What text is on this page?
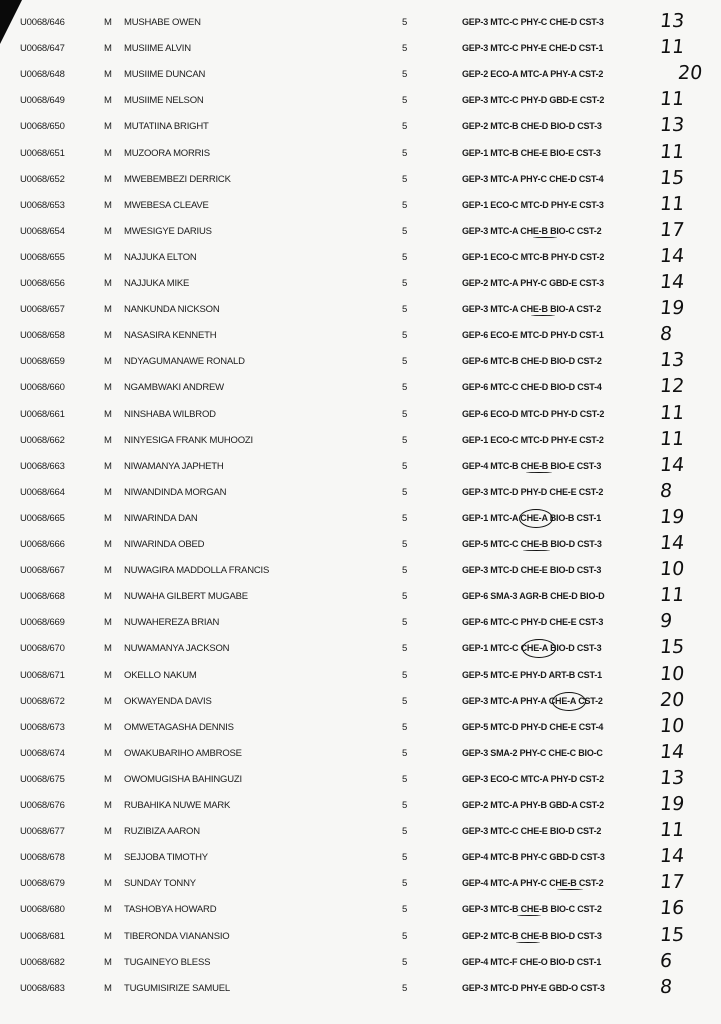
U0068/646	M MUSHABE OWEN	5	GEP-3 MTC-C PHY-C CHE-D CST-3	13
U0068/647	M MUSIIME ALVIN	5	GEP-3 MTC-C PHY-E CHE-D CST-1	11
U0068/648	M MUSIIME DUNCAN	5	GEP-2 ECO-A MTC-A PHY-A CST-2	20
U0068/649	M MUSIIME NELSON	5	GEP-3 MTC-C PHY-D GBD-E CST-2	11
U0068/650	M MUTATIINA BRIGHT	5	GEP-2 MTC-B CHE-D BIO-D CST-3	13
U0068/651	M MUZOORA MORRIS	5	GEP-1 MTC-B CHE-E BIO-E CST-3	11
U0068/652	M MWEBEMBEZI DERRICK	5	GEP-3 MTC-A PHY-C CHE-D CST-4	15
U0068/653	M MWEBESA CLEAVE	5	GEP-1 ECO-C MTC-D PHY-E CST-3	11
U0068/654	M MWESIGYE DARIUS	5	GEP-3 MTC-A CHE-B BIO-C CST-2	17
U0068/655	M NAJJUKA ELTON	5	GEP-1 ECO-C MTC-B PHY-D CST-2	14
U0068/656	M NAJJUKA MIKE	5	GEP-2 MTC-A PHY-C GBD-E CST-3	14
U0068/657	M NANKUNDA NICKSON	5	GEP-3 MTC-A CHE-B BIO-A CST-2	19
U0068/658	M NASASIRA KENNETH	5	GEP-6 ECO-E MTC-D PHY-D CST-1	8
U0068/659	M NDYAGUMANAWE RONALD	5	GEP-6 MTC-B CHE-D BIO-D CST-2	13
U0068/660	M NGAMBWAKI ANDREW	5	GEP-6 MTC-C CHE-D BIO-D CST-4	12
U0068/661	M NINSHABA WILBROD	5	GEP-6 ECO-D MTC-D PHY-D CST-2	11
U0068/662	M NINYESIGA FRANK MUHOOZI	5	GEP-1 ECO-C MTC-D PHY-E CST-2	11
U0068/663	M NIWAMANYA JAPHETH	5	GEP-4 MTC-B CHE-B BIO-E CST-3	14
U0068/664	M NIWANDINDA MORGAN	5	GEP-3 MTC-D PHY-D CHE-E CST-2	8
U0068/665	M NIWARINDA DAN	5	GEP-1 MTC-A CHE-A BIO-B CST-1	19
U0068/666	M NIWARINDA OBED	5	GEP-5 MTC-C CHE-B BIO-D CST-3	14
U0068/667	M NUWAGIRA MADDOLLA FRANCIS	5	GEP-3 MTC-D CHE-E BIO-D CST-3	10
U0068/668	M NUWAHA GILBERT MUGABE	5	GEP-6 SMA-3 AGR-B CHE-D BIO-D	11
U0068/669	M NUWAHEREZA BRIAN	5	GEP-6 MTC-C PHY-D CHE-E CST-3	9
U0068/670	M NUWAMANYA JACKSON	5	GEP-1 MTC-C CHE-A BIO-D CST-3	15
U0068/671	M OKELLO NAKUM	5	GEP-5 MTC-E PHY-D ART-B CST-1	10
U0068/672	M OKWAYENDA DAVIS	5	GEP-3 MTC-A PHY-A CHE-A CST-2	20
U0068/673	M OMWETAGASHA DENNIS	5	GEP-5 MTC-D PHY-D CHE-E CST-4	10
U0068/674	M OWAKUBARIHO AMBROSE	5	GEP-3 SMA-2 PHY-C CHE-C BIO-C	14
U0068/675	M OWOMUGISHA BAHINGUZI	5	GEP-3 ECO-C MTC-A PHY-D CST-2	13
U0068/676	M RUBAHIKA NUWE MARK	5	GEP-2 MTC-A PHY-B GBD-A CST-2	19
U0068/677	M RUZIBIZA AARON	5	GEP-3 MTC-C CHE-E BIO-D CST-2	11
U0068/678	M SEJJOBA TIMOTHY	5	GEP-4 MTC-B PHY-C GBD-D CST-3	14
U0068/679	M SUNDAY TONNY	5	GEP-4 MTC-A PHY-C CHE-B CST-2	17
U0068/680	M TASHOBYA HOWARD	5	GEP-3 MTC-B CHE-B BIO-C CST-2	16
U0068/681	M TIBERONDA VIANANSIO	5	GEP-2 MTC-B CHE-B BIO-D CST-3	15
U0068/682	M TUGAINEYO BLESS	5	GEP-4 MTC-F CHE-O BIO-D CST-1	6
U0068/683	M TUGUMISIRIZE SAMUEL	5	GEP-3 MTC-D PHY-E GBD-O CST-3	8
